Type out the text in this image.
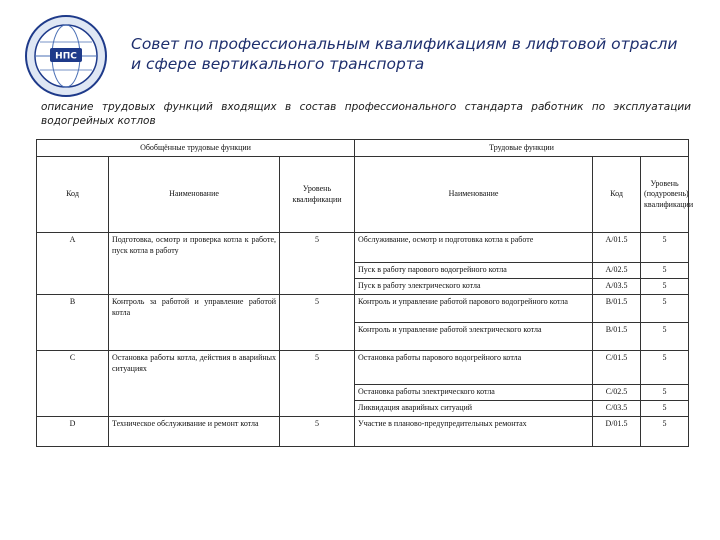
НПС
Совет по профессиональным квалификациям в лифтовой отрасли и сфере вертикального транспорта
описание трудовых функций входящих в состав профессионального стандарта работник по эксплуатации водогрейных котлов
Обобщённые трудовые функции			Трудовые функции		
Код	Наименование	Уровень квалификации	Наименование	Код	Уровень (подуровень) квалификации
A	Подготовка, осмотр и проверка котла к работе, пуск котла в работу	5	Обслуживание, осмотр и подготовка котла к работе	A/01.5	5
			Пуск в работу парового водогрейного котла	A/02.5	5
			Пуск в работу электрического котла	A/03.5	5
B	Контроль за работой и управление работой котла	5	Контроль и управление работой парового водогрейного котла	B/01.5	5
			Контроль и управление работой электрического котла	B/01.5	5
C	Остановка работы котла, действия в аварийных ситуациях	5	Остановка работы парового водогрейного котла	C/01.5	5
			Остановка работы электрического котла	C/02.5	5
			Ликвидация аварийных ситуаций	C/03.5	5
D	Техническое обслуживание и ремонт котла	5	Участие в планово-предупредительных ремонтах	D/01.5	5
